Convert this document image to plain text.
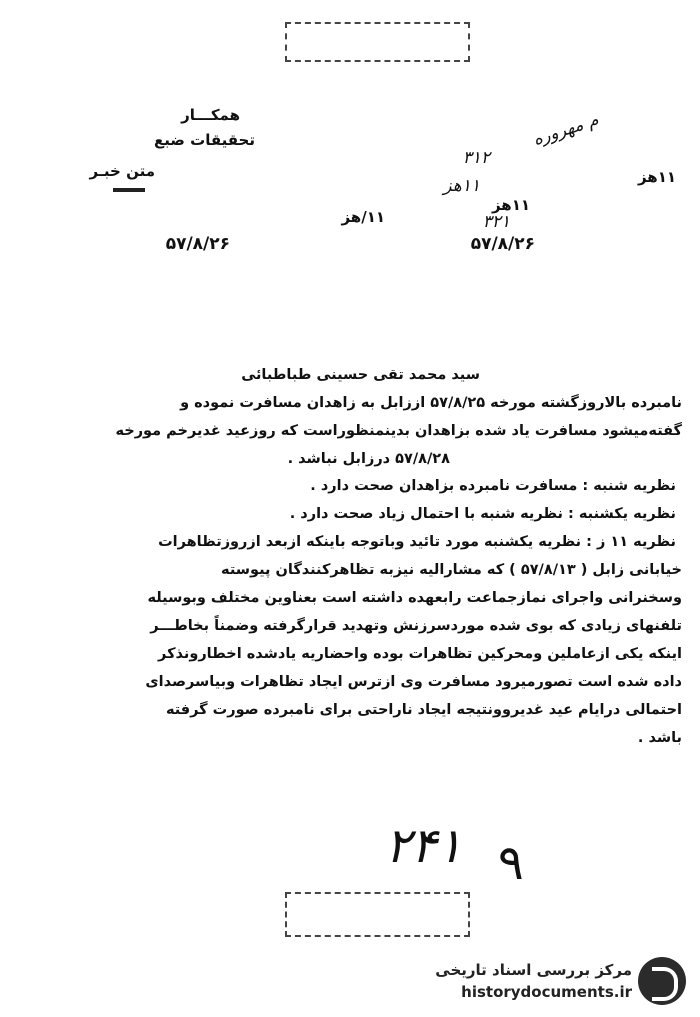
همکـــار
تحقیقات ضبع
متن خبـر
م مهروره
۱۱هز
۳۱۲
۱۱هز
۱۱هز
۱۱/هز	۳۲۱
۵۷/۸/۲۶	۵۷/۸/۲۶
سید محمد تقی حسینی طباطبائی
نامبرده بالاروزگشته مورخه ۵۷/۸/۲۵ اززابل به زاهدان مسافرت نموده و
گفته‌میشود مسافرت یاد شده بزاهدان بدینمنظوراست که روزعید غدیرخم مورخه
۵۷/۸/۲۸ درزابل نباشد .
نظریه شنبه : مسافرت نامبرده بزاهدان صحت دارد .
نظریه یکشنبه : نظریه شنبه با احتمال زیاد صحت دارد .
نظریه ۱۱ ز : نظریه یکشنبه مورد تائید وباتوجه باینکه ازبعد ازروزتظاهرات
خیابانی زابل ( ۵۷/۸/۱۳ ) که مشارالیه نیزبه تظاهرکنندگان پیوسته
وسخنرانی واجرای نمازجماعت رابعهده داشته است بعناوین مختلف وبوسیله
تلفنهای زیادی که بوی شده موردسرزنش وتهدید قرارگرفته وضمناً بخاطـــر
اینکه یکی ازعاملین ومحرکین تظاهرات بوده واحضاریه یادشده اخطارونذکر
داده شده است تصورمیرود مسافرت وی ازترس ایجاد تظاهرات وبیاسرصدای
احتمالی درایام عید غدیروونتیجه ایجاد ناراحتی برای نامبرده صورت گرفته
باشد .
۲۴۱ ۹
مرکز بررسی اسناد تاریخی
historydocuments.ir
